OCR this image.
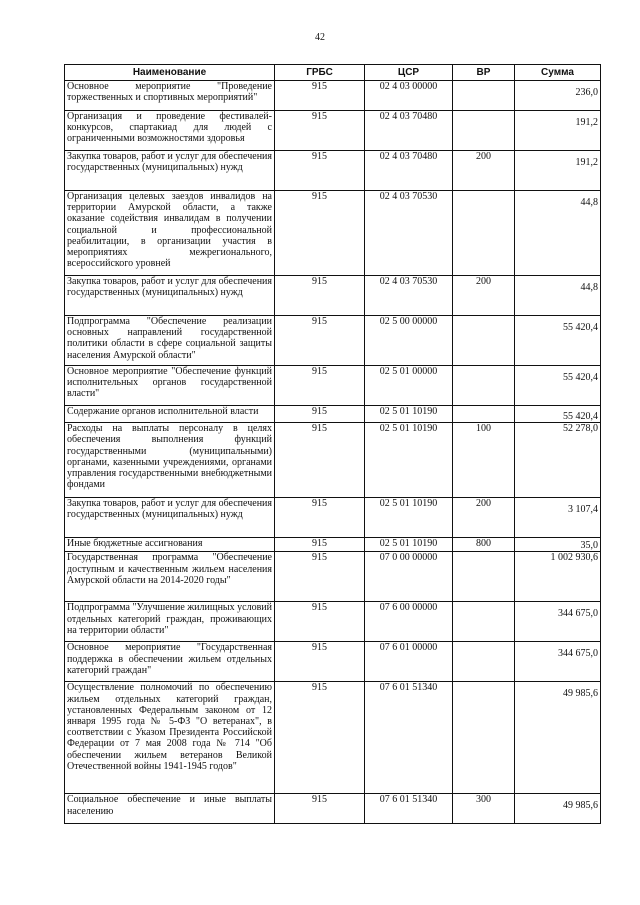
42
Наименование	ГРБС	ЦСР	ВР	Сумма
Основное мероприятие "Проведение торжественных и спортивных мероприятий"	915	02 4 03 00000		236,0
Организация и проведение фестивалей-конкурсов, спартакиад для людей с ограниченными возможностями здоровья	915	02 4 03 70480		191,2
Закупка товаров, работ и услуг для обеспечения государственных (муниципальных) нужд	915	02 4 03 70480	200	191,2
Организация целевых заездов инвалидов на территории Амурской области, а также оказание содействия инвалидам в получении социальной и профессиональной реабилитации, в организации участия в мероприятиях межрегионального, всероссийского уровней	915	02 4 03 70530		44,8
Закупка товаров, работ и услуг для обеспечения государственных (муниципальных) нужд	915	02 4 03 70530	200	44,8
Подпрограмма "Обеспечение реализации основных направлений государственной политики области в сфере социальной защиты населения Амурской области"	915	02 5 00 00000		55 420,4
Основное мероприятие "Обеспечение функций исполнительных органов государственной власти"	915	02 5 01 00000		55 420,4
Содержание органов исполнительной власти	915	02 5 01 10190		55 420,4
Расходы на выплаты персоналу в целях обеспечения выполнения функций государственными (муниципальными) органами, казенными учреждениями, органами управления государственными внебюджетными фондами	915	02 5 01 10190	100	52 278,0
Закупка товаров, работ и услуг для обеспечения государственных (муниципальных) нужд	915	02 5 01 10190	200	3 107,4
Иные бюджетные ассигнования	915	02 5 01 10190	800	35,0
Государственная программа "Обеспечение доступным и качественным жильем населения Амурской области на 2014-2020 годы"	915	07 0 00 00000		1 002 930,6
Подпрограмма "Улучшение жилищных условий отдельных категорий граждан, проживающих на территории области"	915	07 6 00 00000		344 675,0
Основное мероприятие "Государственная поддержка в обеспечении жильем отдельных категорий граждан"	915	07 6 01 00000		344 675,0
Осуществление полномочий по обеспечению жильем отдельных категорий граждан, установленных Федеральным законом от 12 января 1995 года № 5-ФЗ "О ветеранах", в соответствии с Указом Президента Российской Федерации от 7 мая 2008 года № 714 "Об обеспечении жильем ветеранов Великой Отечественной войны 1941-1945 годов"	915	07 6 01 51340		49 985,6
Социальное обеспечение и иные выплаты населению	915	07 6 01 51340	300	49 985,6
